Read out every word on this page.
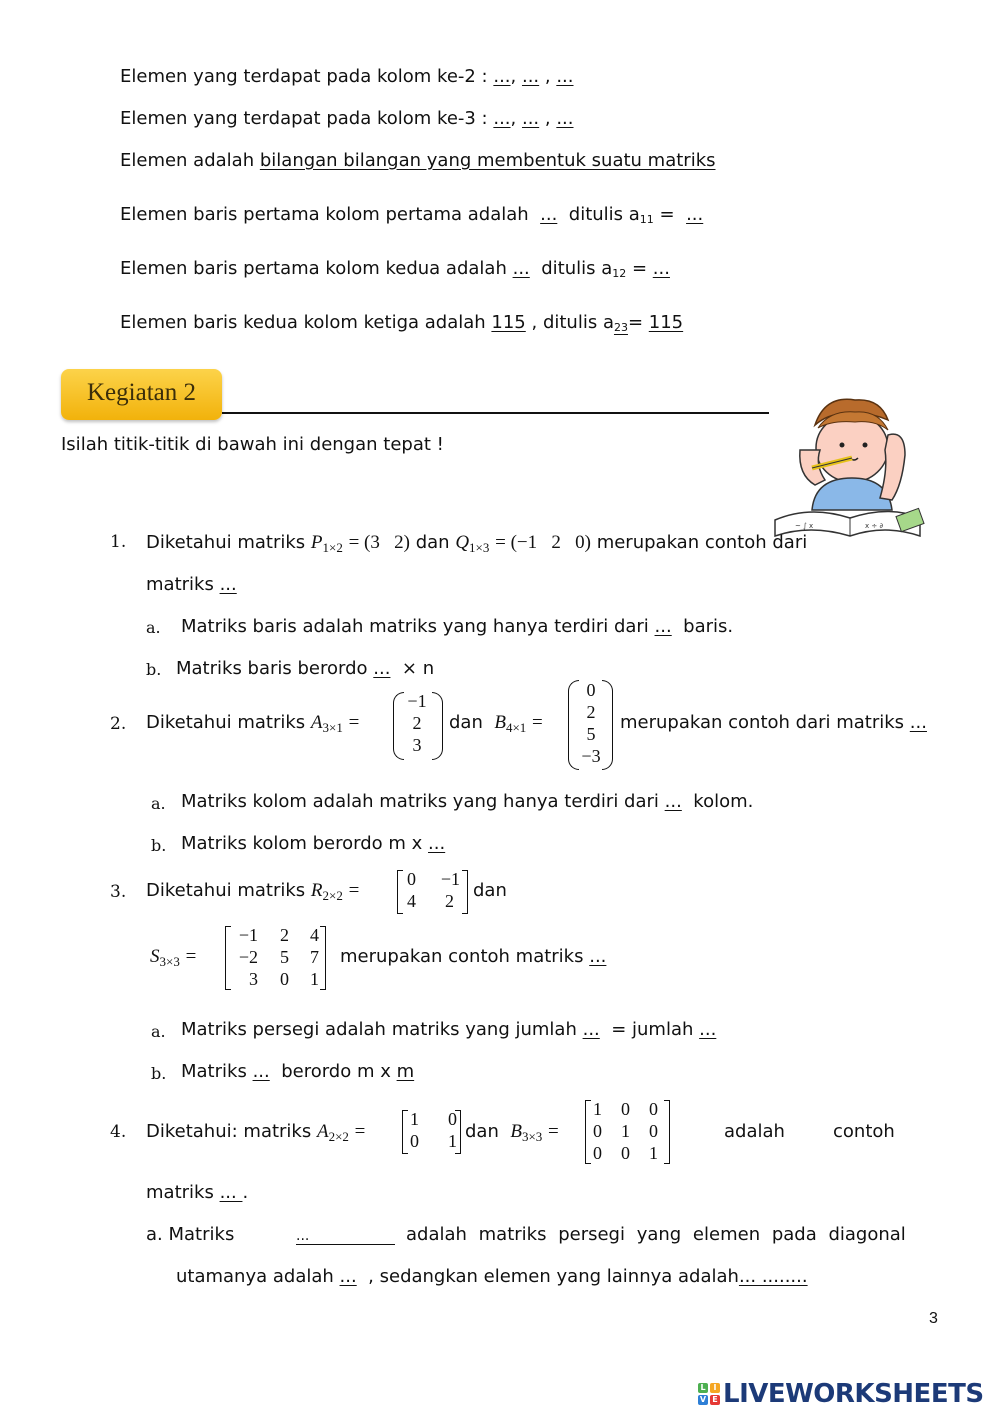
Elemen yang terdapat pada kolom ke-2 : ..., ... , ...
Elemen yang terdapat pada kolom ke-3 : ..., ... , ...
Elemen adalah bilangan bilangan yang membentuk suatu matriks
Elemen baris pertama kolom pertama adalah ... ditulis a11 =  ...
Elemen baris pertama kolom kedua adalah ... ditulis a12 = ...
Elemen baris kedua kolom ketiga adalah 115 , ditulis a23= 115
Kegiatan 2
Isilah titik-titik di bawah ini dengan tepat !
~ ∫ x	x ÷ ∂
1. Diketahui matriks $P_{1\times 2} = (3$ 2) dan $Q_{1\times 3} = (-1$ 2 0) merupakan contoh dari
matriks ...
a. Matriks baris adalah matriks yang hanya terdiri dari ... baris.
b. Matriks baris berordo ... × n
2. Diketahui matriks $A_{3\times 1}$ =
−1
2
3
dan $B_{4\times 1}$ =
0
2
5
−3
merupakan contoh dari matriks ...
a. Matriks kolom adalah matriks yang hanya terdiri dari ... kolom.
b. Matriks kolom berordo m x ...
3. Diketahui matriks $R_{2\times 2}$ =
0	−1
4	2	dan
$S_{3\times 3}$ =
−1	2	4
−2	5	7
3	0	1
merupakan contoh matriks ...
a. Matriks persegi adalah matriks yang jumlah ... = jumlah ...
b. Matriks ... berordo m x m
4. Diketahui: matriks $A_{2\times 2}$ =
1	0
0	1 dan $B_{3\times 3}$ =
1	0	0
0	1	0
0	0	1
adalah	contoh
matriks ... .
a. Matriks	...	adalah matriks persegi yang elemen pada diagonal
utamanya adalah ... , sedangkan elemen yang lainnya adalah... ........
3
L I
V E LIVEWORKSHEETS
